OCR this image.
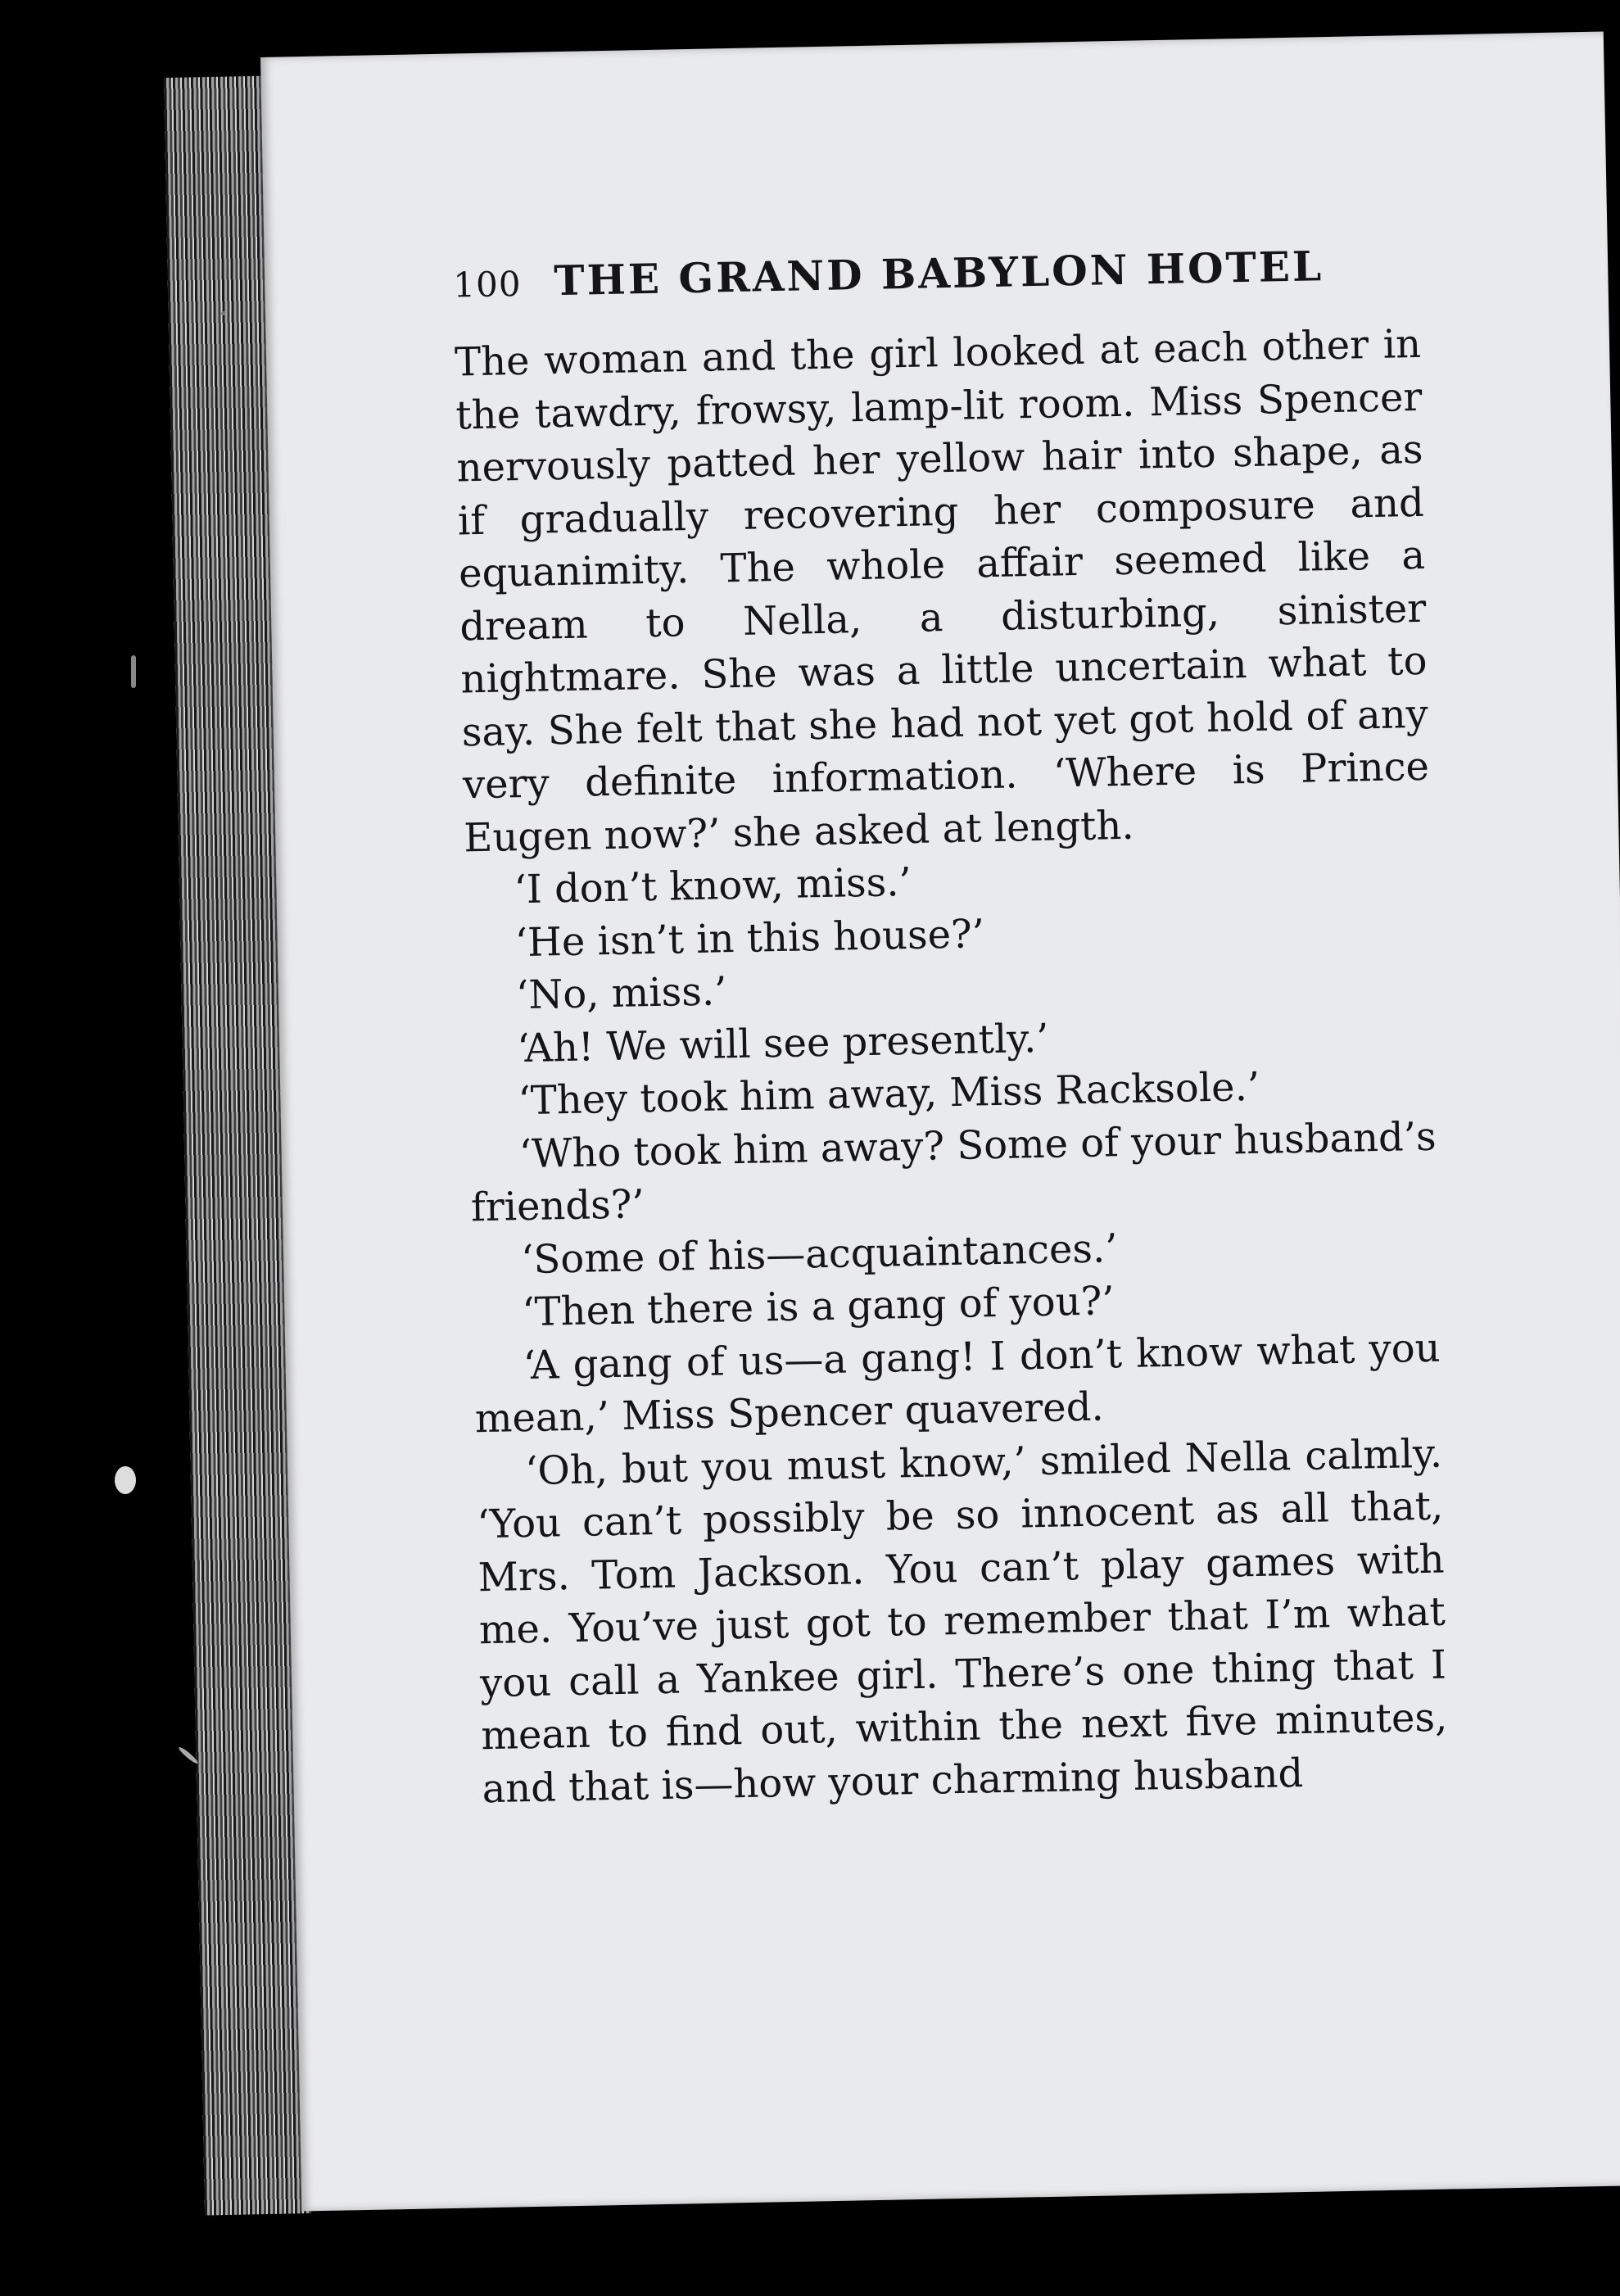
100 THE GRAND BABYLON HOTEL

The woman and the girl looked at each other in the tawdry, frowsy, lamp-lit room. Miss Spencer nervously patted her yellow hair into shape, as if gradually recovering her composure and equanimity. The whole affair seemed like a dream to Nella, a disturbing, sinister nightmare. She was a little uncertain what to say. She felt that she had not yet got hold of any very definite information. ‘Where is Prince Eugen now?’ she asked at length.

‘I don’t know, miss.’

‘He isn’t in this house?’

‘No, miss.’

‘Ah! We will see presently.’

‘They took him away, Miss Racksole.’

‘Who took him away? Some of your husband’s friends?’

‘Some of his—acquaintances.’

‘Then there is a gang of you?’

‘A gang of us—a gang! I don’t know what you mean,’ Miss Spencer quavered.

‘Oh, but you must know,’ smiled Nella calmly. ‘You can’t possibly be so innocent as all that, Mrs. Tom Jackson. You can’t play games with me. You’ve just got to remember that I’m what you call a Yankee girl. There’s one thing that I mean to find out, within the next five minutes, and that is—how your charming husband
